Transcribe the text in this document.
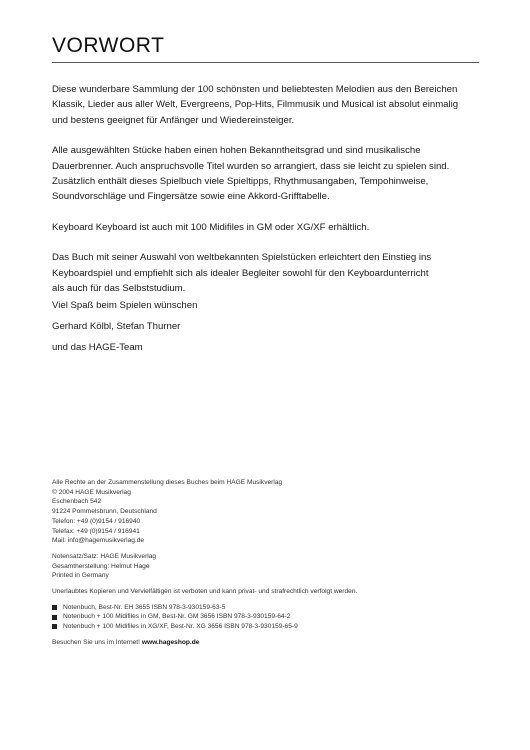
VORWORT

Diese wunderbare Sammlung der 100 schönsten und beliebtesten Melodien aus den Bereichen

Klassik, Lieder aus aller Welt, Evergreens, Pop-Hits, Filmmusik und Musical ist absolut einmalig

und bestens geeignet für Anfänger und Wiedereinsteiger.

Alle ausgewählten Stücke haben einen hohen Bekanntheitsgrad und sind musikalische

Dauerbrenner. Auch anspruchsvolle Titel wurden so arrangiert, dass sie leicht zu spielen sind.

Zusätzlich enthält dieses Spielbuch viele Spieltipps, Rhythmusangaben, Tempohinweise,

Soundvorschläge und Fingersätze sowie eine Akkord-Grifftabelle.

Keyboard Keyboard ist auch mit 100 Midifiles in GM oder XG/XF erhältlich.

Das Buch mit seiner Auswahl von weltbekannten Spielstücken erleichtert den Einstieg ins

Keyboardspiel und empfiehlt sich als idealer Begleiter sowohl für den Keyboardunterricht

als auch für das Selbststudium.

Viel Spaß beim Spielen wünschen
Gerhard Kölbl, Stefan Thurner
und das HAGE-Team
Alle Rechte an der Zusammenstellung dieses Buches beim HAGE Musikverlag
© 2004 HAGE Musikverlag
Eschenbach 542
91224 Pommelsbrunn, Deutschland
Telefon: +49 (0)9154 / 916940
Telefax: +49 (0)9154 / 916941
Mail: info@hagemusikverlag.de
Notensatz/Satz: HAGE Musikverlag
Gesamtherstellung: Helmut Hage
Printed in Germany
Unerlaubtes Kopieren und Vervielfältigen ist verboten und kann privat- und strafrechtlich verfolgt werden.
Notenbuch, Best-Nr. EH 3655 ISBN 978-3-930159-63-5
Notenbuch + 100 Midifiles in GM, Best-Nr. GM 3656 ISBN 978-3-930159-64-2
Notenbuch + 100 Midifiles in XG/XF, Best-Nr. XG 3656 ISBN 978-3-930159-65-9
Besuchen Sie uns im Internet! www.hageshop.de
